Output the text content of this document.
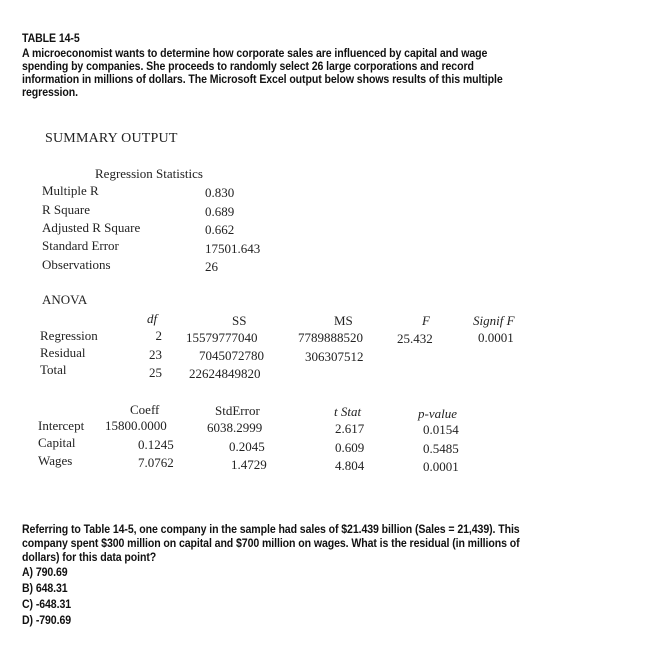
TABLE 14-5
A microeconomist wants to determine how corporate sales are influenced by capital and wage
spending by companies. She proceeds to randomly select 26 large corporations and record
information in millions of dollars. The Microsoft Excel output below shows results of this multiple
regression.
SUMMARY OUTPUT
Regression Statistics
Multiple R	0.830
R Square	0.689
Adjusted R Square	0.662
Standard Error	17501.643
Observations	26
ANOVA
df	SS	MS	F	Signif F
Regression	2 15579777040	7789888520	25.432	0.0001
Residual	23	7045072780	306307512
Total	25 22624849820
Coeff	StdError	t Stat	p-value
Intercept 15800.0000	6038.2999	2.617	0.0154
Capital	0.1245	0.2045	0.609	0.5485
Wages	7.0762	1.4729	4.804	0.0001
Referring to Table 14-5, one company in the sample had sales of $21.439 billion (Sales = 21,439). This
company spent $300 million on capital and $700 million on wages. What is the residual (in millions of
dollars) for this data point?
A) 790.69
B) 648.31
C) -648.31
D) -790.69
